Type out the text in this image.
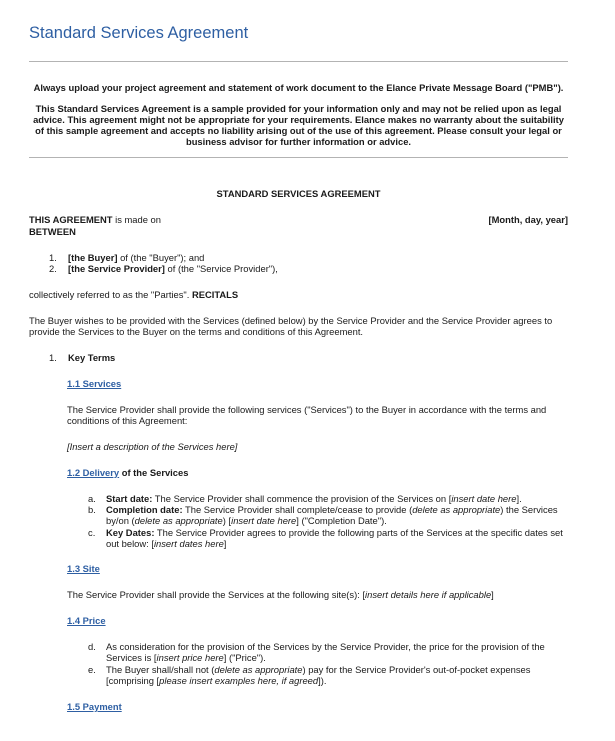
Standard Services Agreement
Always upload your project agreement and statement of work document to the Elance Private Message Board ("PMB").
This Standard Services Agreement is a sample provided for your information only and may not be relied upon as legal advice. This agreement might not be appropriate for your requirements. Elance makes no warranty about the suitability of this sample agreement and accepts no liability arising out of the use of this agreement. Please consult your legal or business advisor for further information or advice.
STANDARD SERVICES AGREEMENT
THIS AGREEMENT is made on	[Month, day, year]
BETWEEN
1. [the Buyer] of (the "Buyer"); and
2. [the Service Provider] of (the "Service Provider"),
collectively referred to as the "Parties". RECITALS
The Buyer wishes to be provided with the Services (defined below) by the Service Provider and the Service Provider agrees to provide the Services to the Buyer on the terms and conditions of this Agreement.
1. Key Terms
1.1 Services
The Service Provider shall provide the following services ("Services") to the Buyer in accordance with the terms and conditions of this Agreement:
[Insert a description of the Services here]
1.2 Delivery of the Services
a. Start date: The Service Provider shall commence the provision of the Services on [insert date here].
b. Completion date: The Service Provider shall complete/cease to provide (delete as appropriate) the Services by/on (delete as appropriate) [insert date here] ("Completion Date").
c. Key Dates: The Service Provider agrees to provide the following parts of the Services at the specific dates set out below: [insert dates here]
1.3 Site
The Service Provider shall provide the Services at the following site(s): [insert details here if applicable]
1.4 Price
d. As consideration for the provision of the Services by the Service Provider, the price for the provision of the Services is [insert price here] ("Price").
e. The Buyer shall/shall not (delete as appropriate) pay for the Service Provider's out-of-pocket expenses [comprising [please insert examples here, if agreed]).
1.5 Payment
